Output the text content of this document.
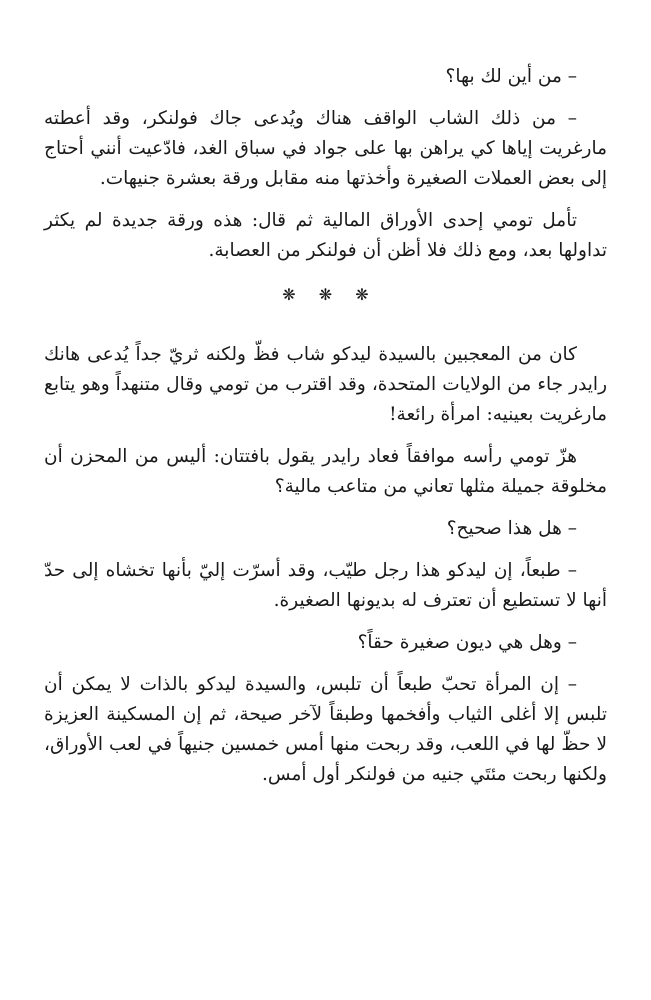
– من أين لك بها؟

– من ذلك الشاب الواقف هناك ويُدعى جاك فولنكر، وقد أعطته مارغريت إياها كي يراهن بها على جواد في سباق الغد، فادّعيت أنني أحتاج إلى بعض العملات الصغيرة وأخذتها منه مقابل ورقة بعشرة جنيهات.

تأمل تومي إحدى الأوراق المالية ثم قال: هذه ورقة جديدة لم يكثر تداولها بعد، ومع ذلك فلا أظن أن فولنكر من العصابة.

❋ ❋ ❋

كان من المعجبين بالسيدة ليدكو شاب فظّ ولكنه ثريّ جداً يُدعى هانك رايدر جاء من الولايات المتحدة، وقد اقترب من تومي وقال متنهداً وهو يتابع مارغريت بعينيه: امرأة رائعة!

هزّ تومي رأسه موافقاً فعاد رايدر يقول بافتتان: أليس من المحزن أن مخلوقة جميلة مثلها تعاني من متاعب مالية؟

– هل هذا صحيح؟

– طبعاً، إن ليدكو هذا رجل طيّب، وقد أسرّت إليّ بأنها تخشاه إلى حدّ أنها لا تستطيع أن تعترف له بديونها الصغيرة.

– وهل هي ديون صغيرة حقاً؟

– إن المرأة تحبّ طبعاً أن تلبس، والسيدة ليدكو بالذات لا يمكن أن تلبس إلا أغلى الثياب وأفخمها وطبقاً لآخر صيحة، ثم إن المسكينة العزيزة لا حظّ لها في اللعب، وقد ربحت منها أمس خمسين جنيهاً في لعب الأوراق، ولكنها ربحت مئتَي جنيه من فولنكر أول أمس.
